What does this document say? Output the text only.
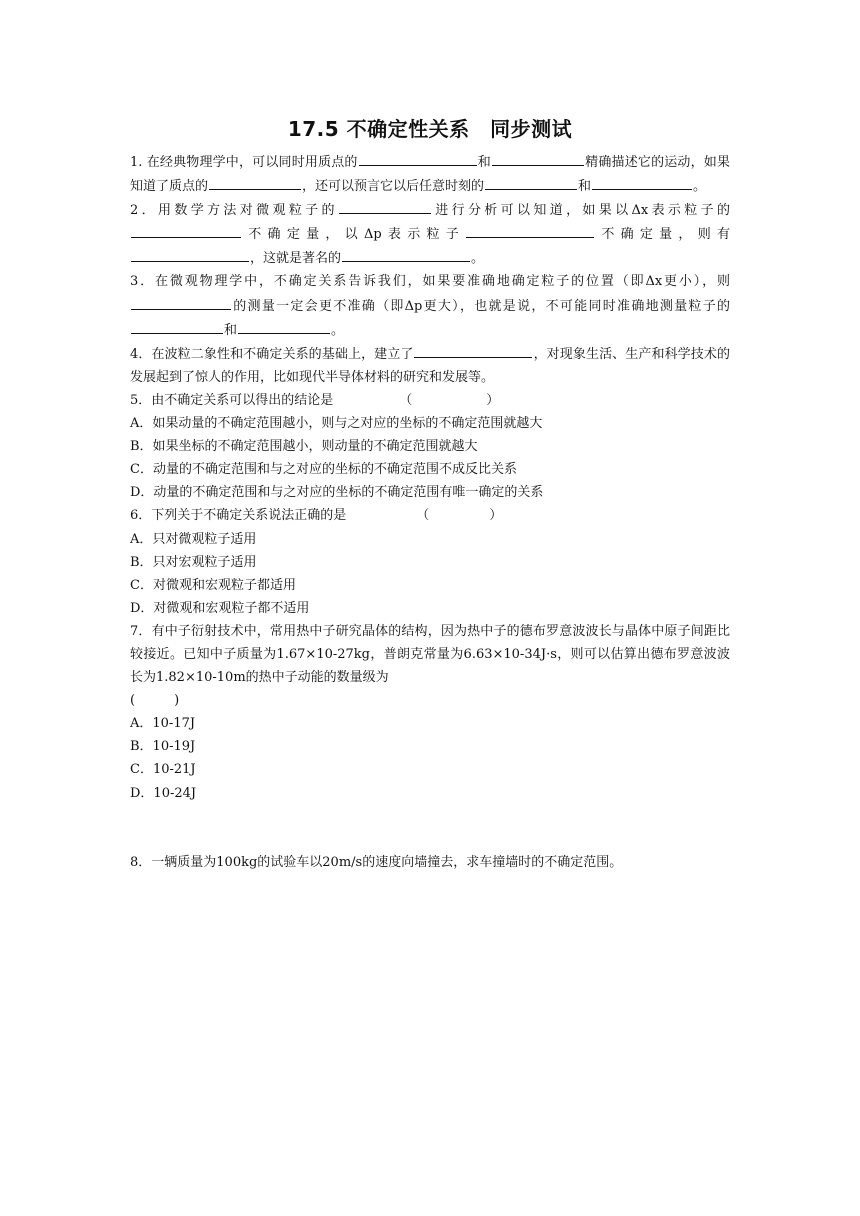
17.5 不确定性关系　同步测试

1. 在经典物理学中，可以同时用质点的	和	精确描述它的运动，如果知道了质点的	，还可以预言它以后任意时刻的	和	。

2．用数学方法对微观粒子的	进行分析可以知道，如果以Δx表示粒子的不确定量，以Δp表示粒子	不确定量，则有，这就是著名的	。

3．在微观物理学中，不确定关系告诉我们，如果要准确地确定粒子的位置（即Δx更小），则的测量一定会更不准确（即Δp更大），也就是说，不可能同时准确地测量粒子的和	。

4．在波粒二象性和不确定关系的基础上，建立了	，对现象生活、生产和科学技术的发展起到了惊人的作用，比如现代半导体材料的研究和发展等。

5．由不确定关系可以得出的结论是	（	）

A．如果动量的不确定范围越小，则与之对应的坐标的不确定范围就越大

B．如果坐标的不确定范围越小，则动量的不确定范围就越大

C．动量的不确定范围和与之对应的坐标的不确定范围不成反比关系

D．动量的不确定范围和与之对应的坐标的不确定范围有唯一确定的关系

6．下列关于不确定关系说法正确的是	（	）

A．只对微观粒子适用

B．只对宏观粒子适用

C．对微观和宏观粒子都适用

D．对微观和宏观粒子都不适用

7．有中子衍射技术中，常用热中子研究晶体的结构，因为热中子的德布罗意波波长与晶体中原子间距比较接近。已知中子质量为1.67×10-27kg，普朗克常量为6.63×10-34J·s，则可以估算出德布罗意波波长为1.82×10-10m的热中子动能的数量级为
(　　　)

A．10-17J

B．10-19J

C．10-21J

D．10-24J

8．一辆质量为100kg的试验车以20m/s的速度向墙撞去，求车撞墙时的不确定范围。
